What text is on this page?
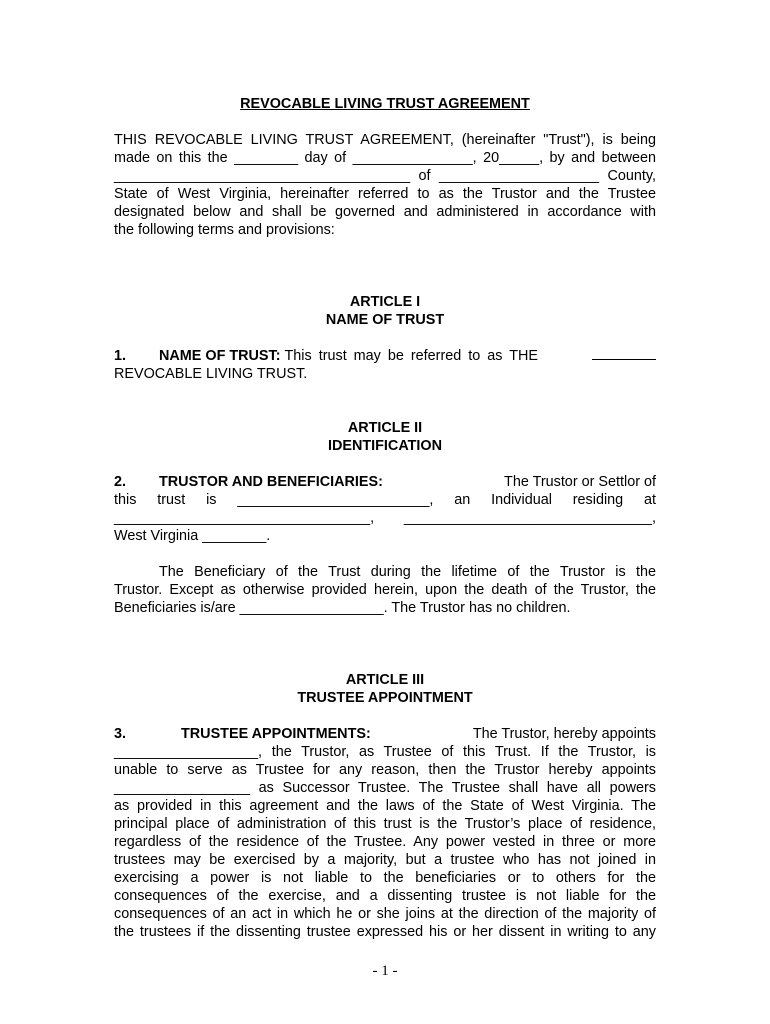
REVOCABLE LIVING TRUST AGREEMENT

THIS REVOCABLE LIVING TRUST AGREEMENT, (hereinafter "Trust"), is being

made on this the ________ day of _______________, 20_____, by and between

_____________________________________ of ____________________ County,

State of West Virginia, hereinafter referred to as the Trustor and the Trustee

designated below and shall be governed and administered in accordance with

the following terms and provisions:

ARTICLE I

NAME OF TRUST

1. NAME OF TRUST: This trust may be referred to as THE

REVOCABLE LIVING TRUST.

ARTICLE II

IDENTIFICATION

2. TRUSTOR AND BENEFICIARIES:	The Trustor or Settlor of

this trust is ________________________, an Individual residing at

________________________________, _______________________________,

West Virginia ________.

The Beneficiary of the Trust during the lifetime of the Trustor is the

Trustor. Except as otherwise provided herein, upon the death of the Trustor, the

Beneficiaries is/are __________________. The Trustor has no children.

ARTICLE III

TRUSTEE APPOINTMENT

3.	TRUSTEE APPOINTMENTS:	The Trustor, hereby appoints

__________________, the Trustor, as Trustee of this Trust. If the Trustor, is

unable to serve as Trustee for any reason, then the Trustor hereby appoints

_________________ as Successor Trustee. The Trustee shall have all powers

as provided in this agreement and the laws of the State of West Virginia. The

principal place of administration of this trust is the Trustor’s place of residence,

regardless of the residence of the Trustee. Any power vested in three or more

trustees may be exercised by a majority, but a trustee who has not joined in

exercising a power is not liable to the beneficiaries or to others for the

consequences of the exercise, and a dissenting trustee is not liable for the

consequences of an act in which he or she joins at the direction of the majority of

the trustees if the dissenting trustee expressed his or her dissent in writing to any

- 1 -
